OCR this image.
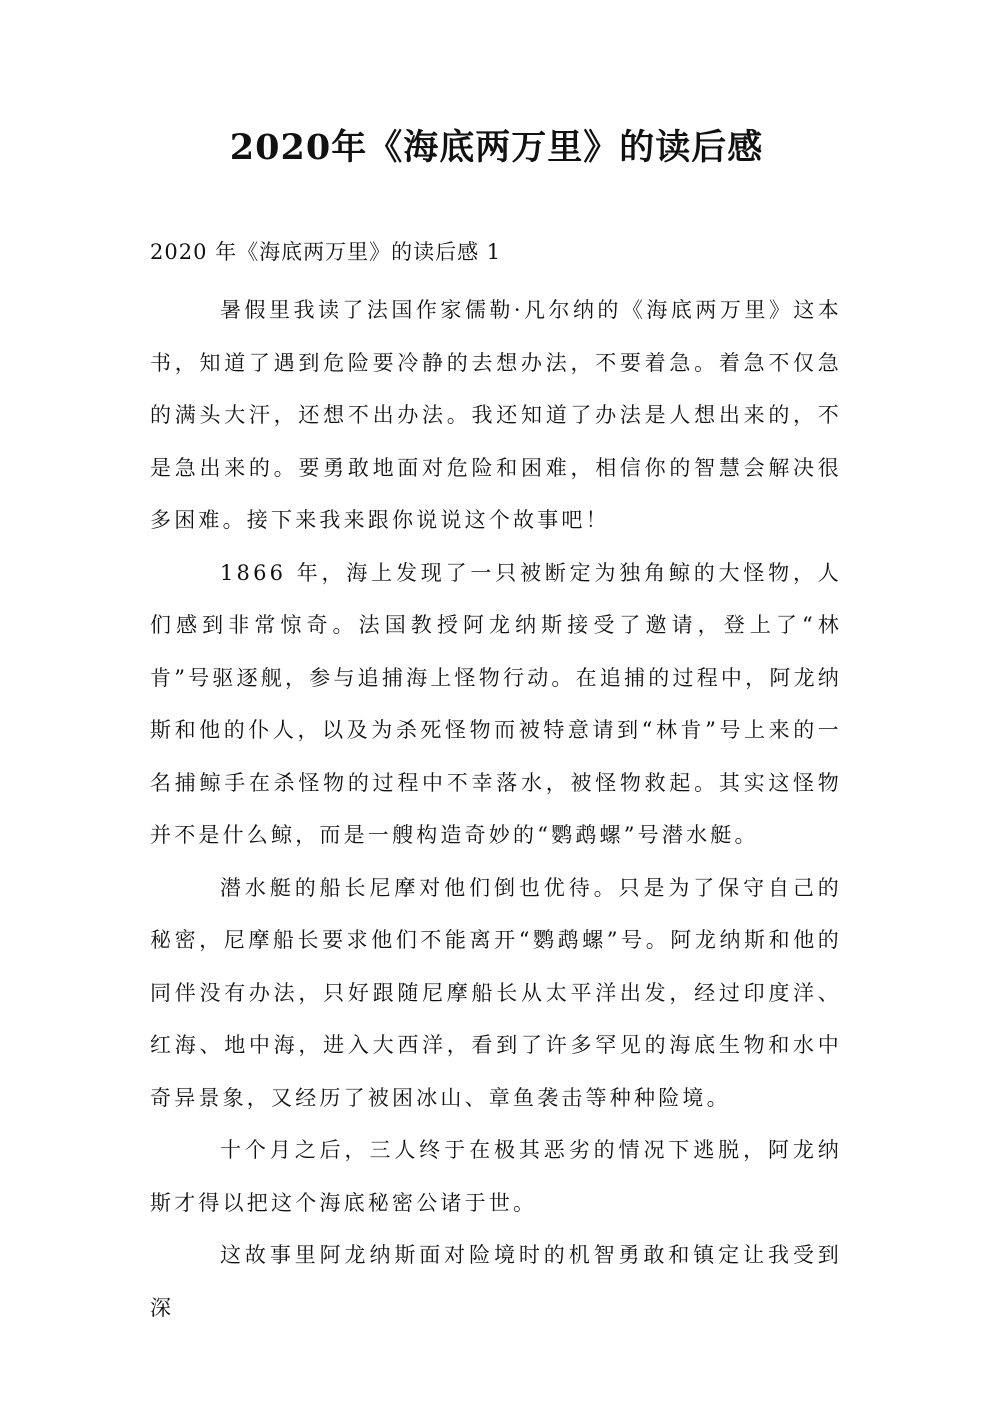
2020年《海底两万里》的读后感

2020 年《海底两万里》的读后感 1

暑假里我读了法国作家儒勒·凡尔纳的《海底两万里》这本书，知道了遇到危险要冷静的去想办法，不要着急。着急不仅急的满头大汗，还想不出办法。我还知道了办法是人想出来的，不是急出来的。要勇敢地面对危险和困难，相信你的智慧会解决很多困难。接下来我来跟你说说这个故事吧！

1866 年，海上发现了一只被断定为独角鲸的大怪物，人们感到非常惊奇。法国教授阿龙纳斯接受了邀请，登上了“林肯”号驱逐舰，参与追捕海上怪物行动。在追捕的过程中，阿龙纳斯和他的仆人，以及为杀死怪物而被特意请到“林肯”号上来的一名捕鲸手在杀怪物的过程中不幸落水，被怪物救起。其实这怪物并不是什么鲸，而是一艘构造奇妙的“鹦鹉螺”号潜水艇。

潜水艇的船长尼摩对他们倒也优待。只是为了保守自己的秘密，尼摩船长要求他们不能离开“鹦鹉螺”号。阿龙纳斯和他的同伴没有办法，只好跟随尼摩船长从太平洋出发，经过印度洋、红海、地中海，进入大西洋，看到了许多罕见的海底生物和水中奇异景象，又经历了被困冰山、章鱼袭击等种种险境。

十个月之后，三人终于在极其恶劣的情况下逃脱，阿龙纳斯才得以把这个海底秘密公诸于世。

这故事里阿龙纳斯面对险境时的机智勇敢和镇定让我受到深
